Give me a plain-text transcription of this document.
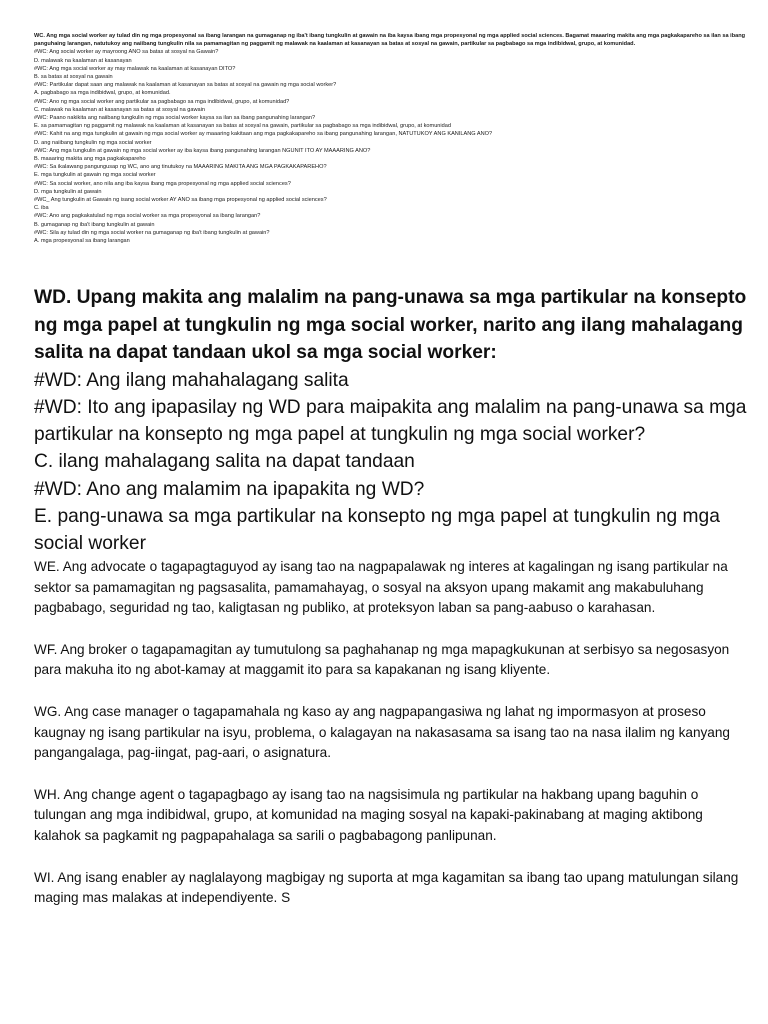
WC. Ang mga social worker ay tulad din ng mga propesyonal sa ibang larangan na gumaganap ng iba't ibang tungkulin at gawain na iba kaysa ibang mga propesyonal ng mga applied social sciences. Bagamat maaaring makita ang mga pagkakapareho sa ilan sa ibang panguhaing larangan, natutukoy ang naiibang tungkulin nila sa pamamagitan ng paggamit ng malawak na kaalaman at kasanayan sa batas at sosyal na gawain, partikular sa pagbabago sa mga indibidwal, grupo, at komunidad.
#WC: Ang social worker ay mayroong ANO sa batas at sosyal na Gawain?
D. malawak na kaalaman at kasanayan
#WC: Ang mga social worker ay may malawak na kaalaman at kasanayan DITO?
B. sa batas at sosyal na gawain
#WC: Partikular dapat saan ang malawak na kaalaman at kasanayan sa batas at sosyal na gawain ng mga social worker?
A. pagbabago sa mga indibidwal, grupo, at komunidad.
#WC: Ano ng mga social worker ang partikular sa pagbabago sa mga indibidwal, grupo, at komunidad?
C. malawak na kaalaman at kasanayan sa batas at sosyal na gawain
#WC: Paano nakikita ang naiibang tungkulin ng mga social worker kaysa sa ilan sa ibang pangunahing larangan?
E. sa pamamagitan ng paggamit ng malawak na kaalaman at kasanayan sa batas at sosyal na gawain, partikular sa pagbabago sa mga indibidwal, grupo, at komunidad
#WC: Kahit na ang mga tungkulin at gawain ng mga social worker ay maaaring kakitaan ang mga pagkakapareho sa ibang pangunahing larangan, NATUTUKOY ANG KANILANG ANO?
D. ang naiibang tungkulin ng mga social worker
#WC: Ang mga tungkulin at gawain ng mga social worker ay iba kaysa ibang pangunahing larangan NGUNIT ITO AY MAAARING ANO?
B. maaaring makita ang mga pagkakapareho
#WC: Sa ikalawang pangungusap ng WC, ano ang tinutukoy na MAAARING MAKITA ANG MGA PAGKAKAPAREHO?
E. mga tungkulin at gawain ng mga social worker
#WC: Sa social worker, ano nila ang iba kaysa ibang mga propesyonal ng mga applied social sciences?
D. mga tungkulin at gawain
#WC_ Ang tungkulin at Gawain ng isang social worker AY ANO sa ibang mga propesyonal ng applied social sciences?
C. iba
#WC: Ano ang pagkakatulad ng mga social worker sa mga propesyonal sa ibang larangan?
B. gumaganap ng iba't ibang tungkulin at gawain
#WC: Sila ay tulad din ng mga social worker na gumaganap ng iba't ibang tungkulin at gawain?
A. mga propesyonal sa ibang larangan

WD. Upang makita ang malalim na pang-unawa sa mga partikular na konsepto ng mga papel at tungkulin ng mga social worker, narito ang ilang mahalagang salita na dapat tandaan ukol sa mga social worker:

#WD: Ang ilang mahahalagang salita
#WD: Ito ang ipapasilay ng WD para maipakita ang malalim na pang-unawa sa mga partikular na konsepto ng mga papel at tungkulin ng mga social worker?
C. ilang mahalagang salita na dapat tandaan
#WD: Ano ang malamim na ipapakita ng WD?
E. pang-unawa sa mga partikular na konsepto ng mga papel at tungkulin ng mga social worker

WE. Ang advocate o tagapagtaguyod ay isang tao na nagpapalawak ng interes at kagalingan ng isang partikular na sektor sa pamamagitan ng pagsasalita, pamamahayag, o sosyal na aksyon upang makamit ang makabuluhang pagbabago, seguridad ng tao, kaligtasan ng publiko, at proteksyon laban sa pang-aabuso o karahasan.

WF. Ang broker o tagapamagitan ay tumutulong sa paghahanap ng mga mapagkukunan at serbisyo sa negosasyon para makuha ito ng abot-kamay at maggamit ito para sa kapakanan ng isang kliyente.

WG. Ang case manager o tagapamahala ng kaso ay ang nagpapangasiwa ng lahat ng impormasyon at proseso kaugnay ng isang partikular na isyu, problema, o kalagayan na nakasasama sa isang tao na nasa ilalim ng kanyang pangangalaga, pag-iingat, pag-aari, o asignatura.

WH. Ang change agent o tagapagbago ay isang tao na nagsisimula ng partikular na hakbang upang baguhin o tulungan ang mga indibidwal, grupo, at komunidad na maging sosyal na kapaki-pakinabang at maging aktibong kalahok sa pagkamit ng pagpapahalaga sa sarili o pagbabagong panlipunan.

WI. Ang isang enabler ay naglalayong magbigay ng suporta at mga kagamitan sa ibang tao upang matulungan silang maging mas malakas at independiyente. S
